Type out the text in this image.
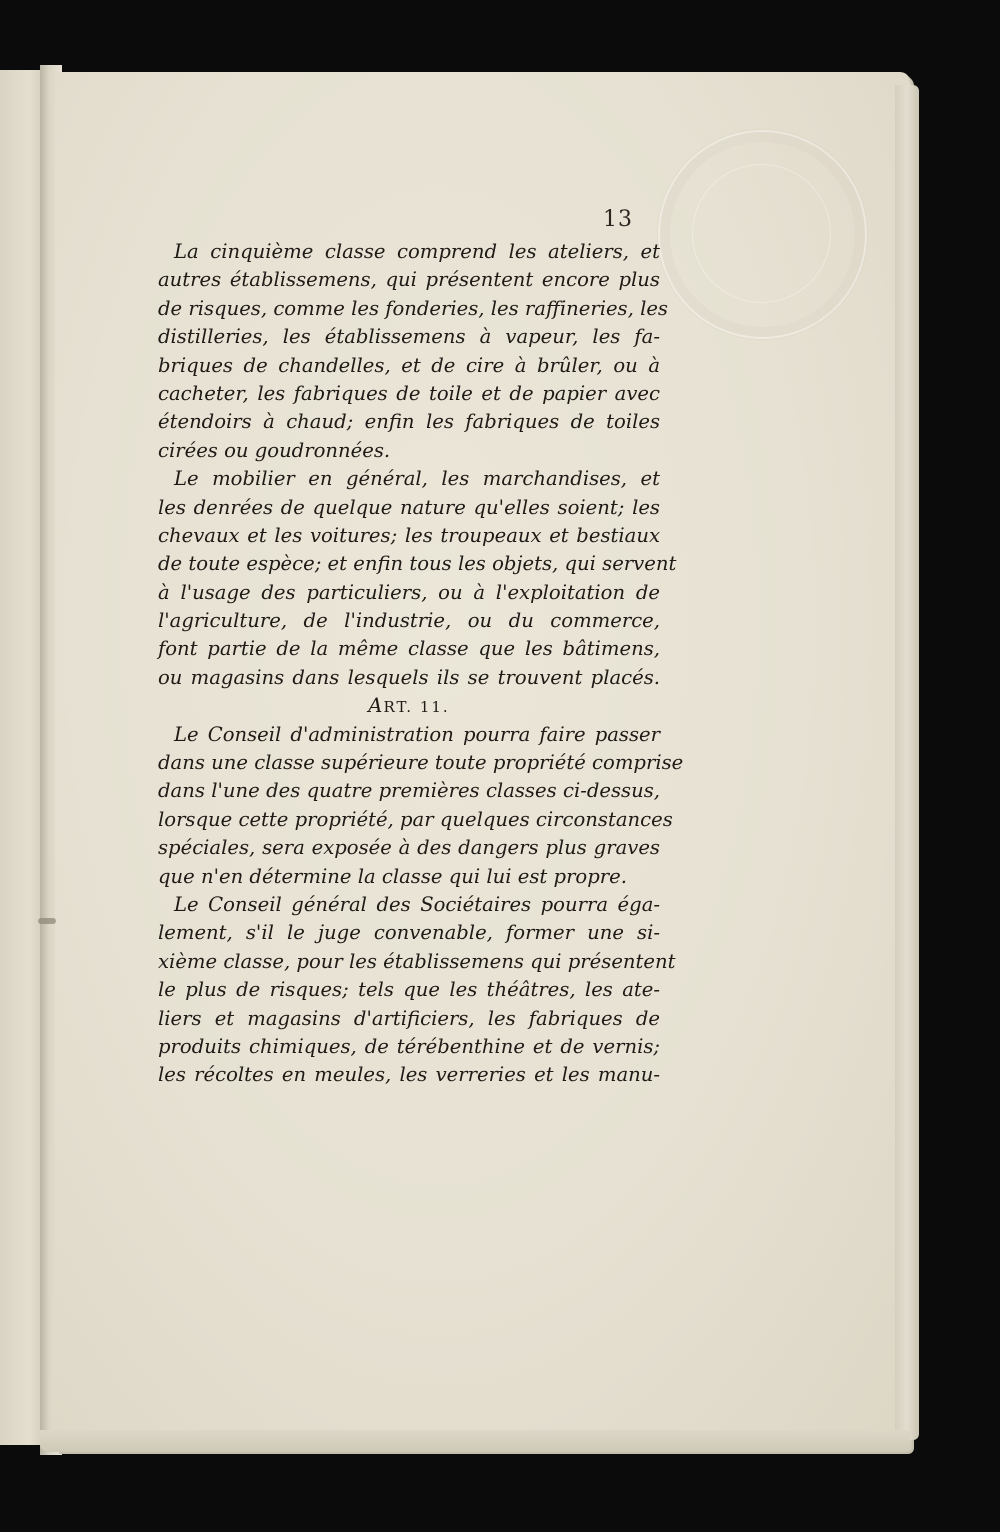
13
La cinquième classe comprend les ateliers, et
autres établissemens, qui présentent encore plus
de risques, comme les fonderies, les raffineries, les
distilleries, les établissemens à vapeur, les fa-
briques de chandelles, et de cire à brûler, ou à
cacheter, les fabriques de toile et de papier avec
étendoirs à chaud; enfin les fabriques de toiles
cirées ou goudronnées.
Le mobilier en général, les marchandises, et
les denrées de quelque nature qu'elles soient; les
chevaux et les voitures; les troupeaux et bestiaux
de toute espèce; et enfin tous les objets, qui servent
à l'usage des particuliers, ou à l'exploitation de
l'agriculture, de l'industrie, ou du commerce,
font partie de la même classe que les bâtimens,
ou magasins dans lesquels ils se trouvent placés.
ART. 11.
Le Conseil d'administration pourra faire passer
dans une classe supérieure toute propriété comprise
dans l'une des quatre premières classes ci-dessus,
lorsque cette propriété, par quelques circonstances
spéciales, sera exposée à des dangers plus graves
que n'en détermine la classe qui lui est propre.
Le Conseil général des Sociétaires pourra éga-
lement, s'il le juge convenable, former une si-
xième classe, pour les établissemens qui présentent
le plus de risques; tels que les théâtres, les ate-
liers et magasins d'artificiers, les fabriques de
produits chimiques, de térébenthine et de vernis;
les récoltes en meules, les verreries et les manu-
